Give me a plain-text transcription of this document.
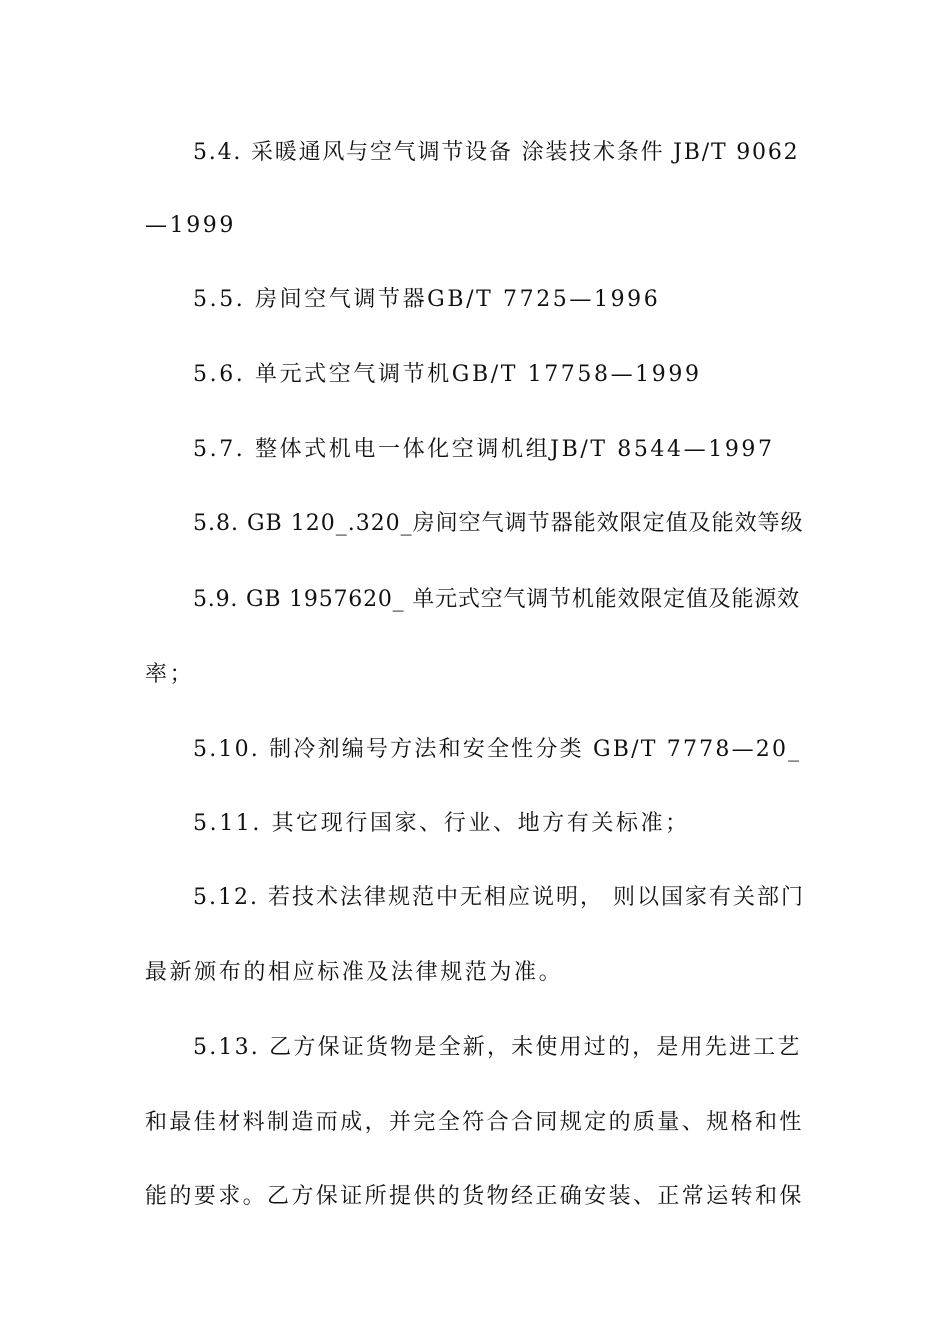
5.4. 采暖通风与空气调节设备 涂装技术条件 JB/T 9062
—1999
5.5. 房间空气调节器GB/T 7725—1996
5.6. 单元式空气调节机GB/T 17758—1999
5.7. 整体式机电一体化空调机组JB/T 8544—1997
5.8. GB 120_.320_房间空气调节器能效限定值及能效等级
5.9. GB 1957620_ 单元式空气调节机能效限定值及能源效
率；
5.10. 制冷剂编号方法和安全性分类 GB/T 7778—20_
5.11. 其它现行国家、行业、地方有关标准；
5.12. 若技术法律规范中无相应说明， 则以国家有关部门
最新颁布的相应标准及法律规范为准。
5.13. 乙方保证货物是全新，未使用过的，是用先进工艺
和最佳材料制造而成，并完全符合合同规定的质量、规格和性
能的要求。乙方保证所提供的货物经正确安装、正常运转和保
